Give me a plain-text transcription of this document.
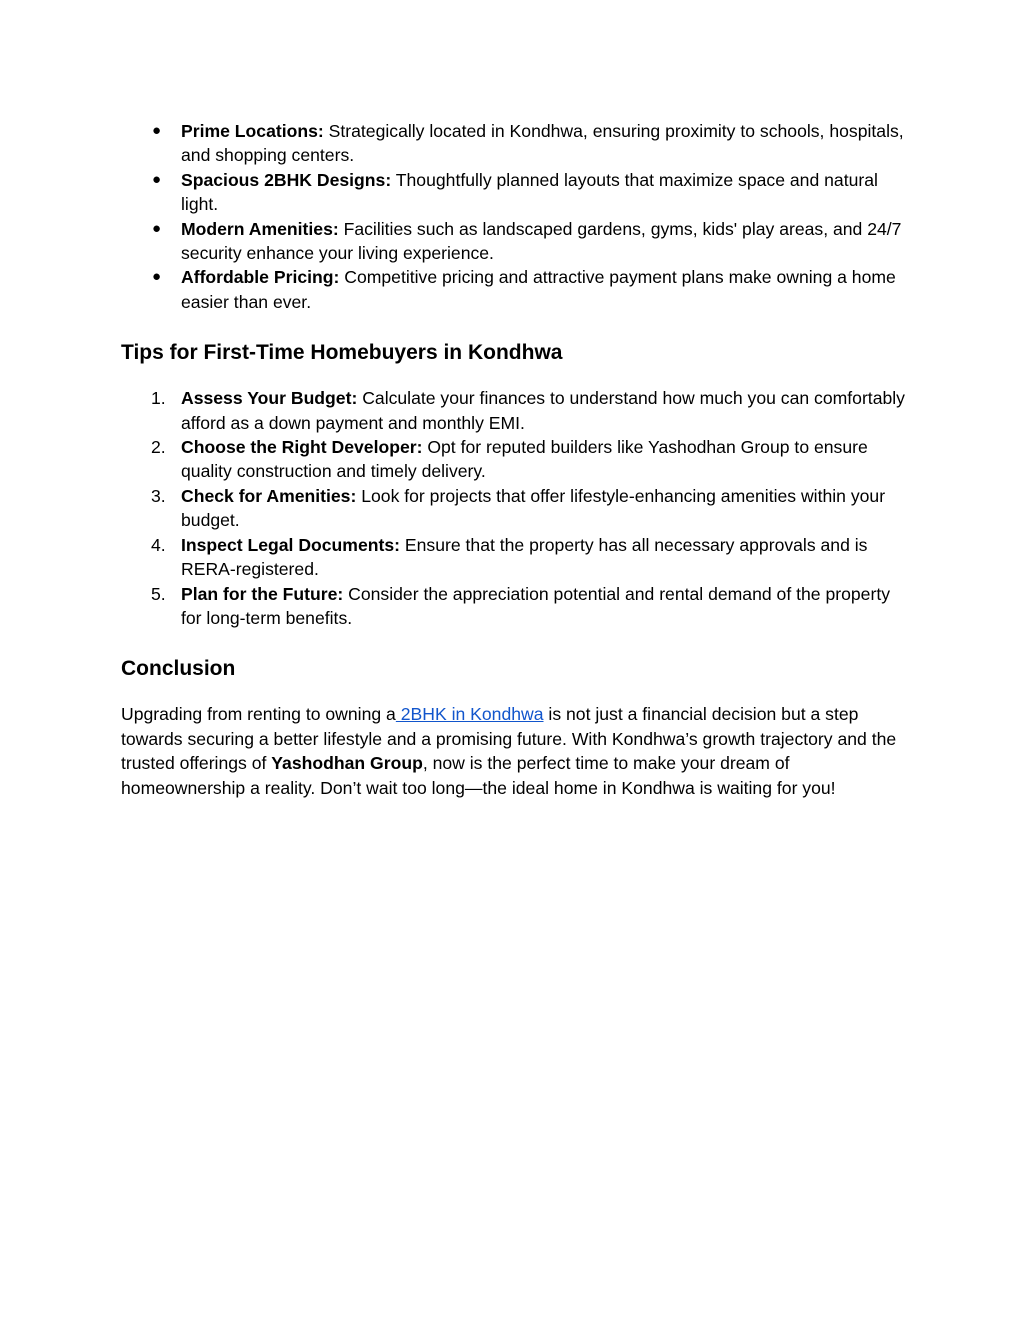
●	Prime Locations: Strategically located in Kondhwa, ensuring proximity to schools, hospitals, and shopping centers.
●	Spacious 2BHK Designs: Thoughtfully planned layouts that maximize space and natural light.
●	Modern Amenities: Facilities such as landscaped gardens, gyms, kids' play areas, and 24/7 security enhance your living experience.
●	Affordable Pricing: Competitive pricing and attractive payment plans make owning a home easier than ever.
Tips for First-Time Homebuyers in Kondhwa
1. Assess Your Budget: Calculate your finances to understand how much you can comfortably afford as a down payment and monthly EMI.
2. Choose the Right Developer: Opt for reputed builders like Yashodhan Group to ensure quality construction and timely delivery.
3. Check for Amenities: Look for projects that offer lifestyle-enhancing amenities within your budget.
4. Inspect Legal Documents: Ensure that the property has all necessary approvals and is RERA-registered.
5. Plan for the Future: Consider the appreciation potential and rental demand of the property for long-term benefits.
Conclusion

Upgrading from renting to owning a 2BHK in Kondhwa is not just a financial decision but a step towards securing a better lifestyle and a promising future. With Kondhwa’s growth trajectory and the trusted offerings of Yashodhan Group, now is the perfect time to make your dream of homeownership a reality. Don’t wait too long—the ideal home in Kondhwa is waiting for you!
